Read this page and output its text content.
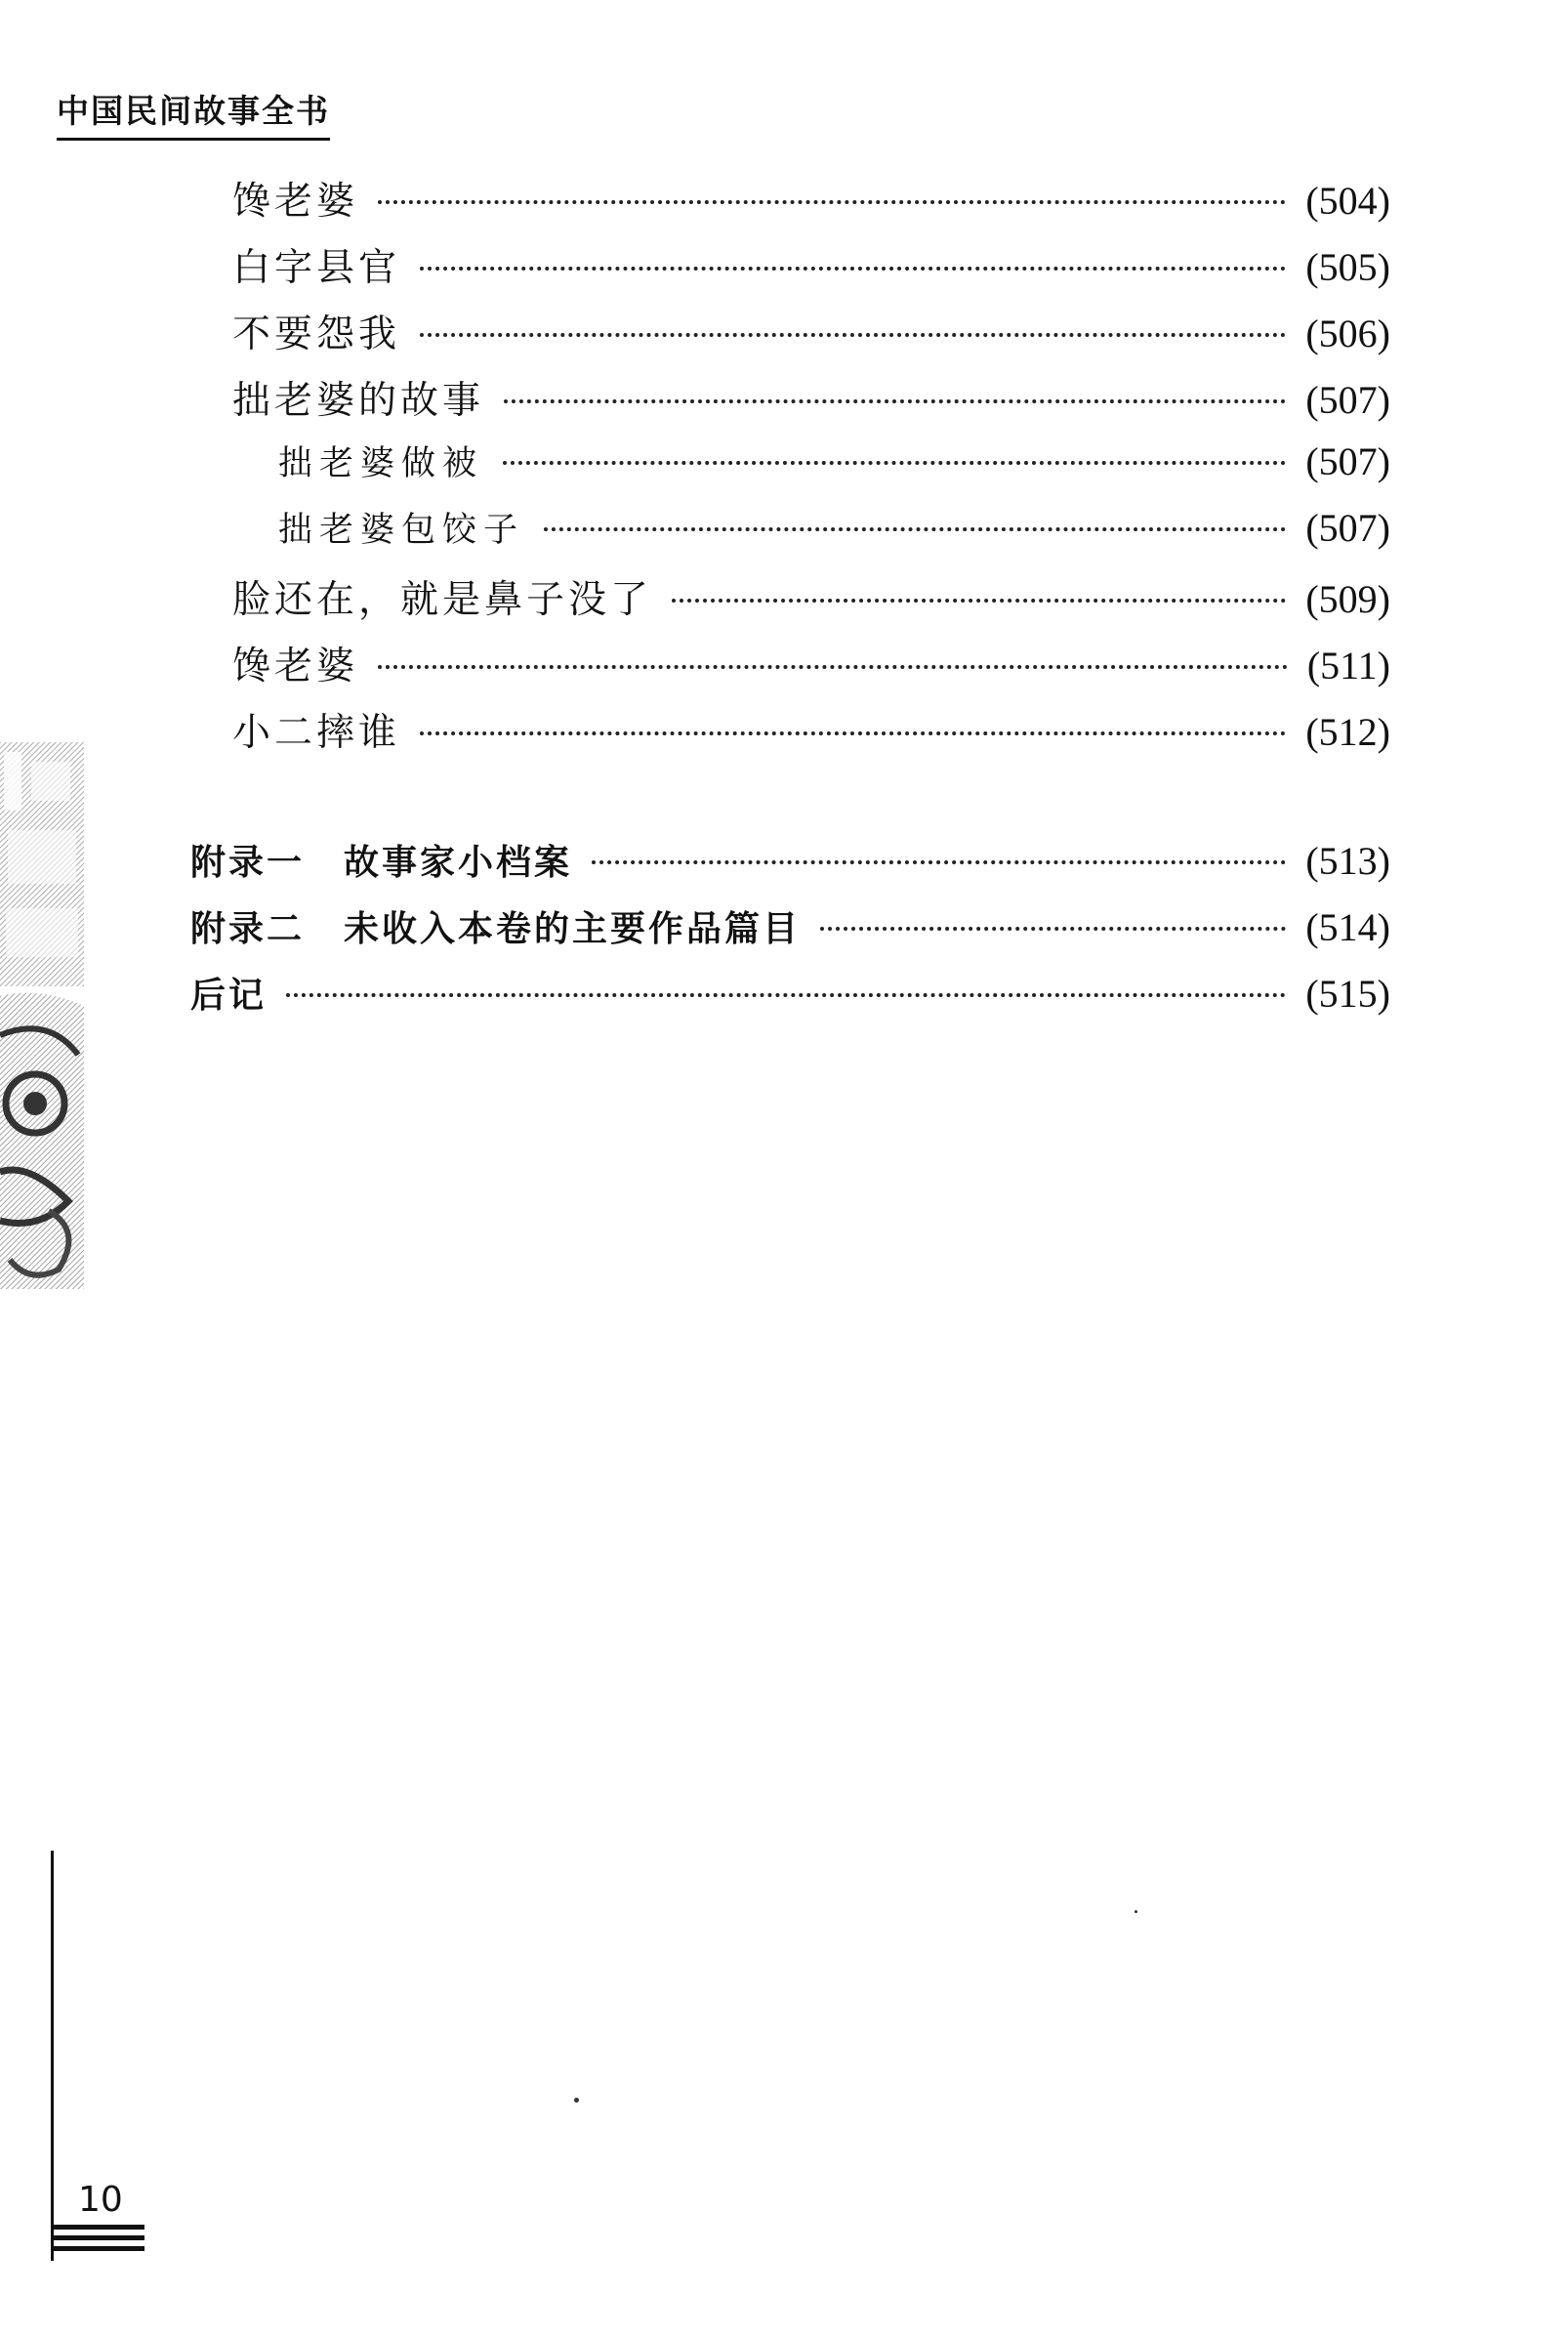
中国民间故事全书
馋老婆	(504)
白字县官	(505)
不要怨我	(506)
拙老婆的故事	(507)
拙老婆做被	(507)
拙老婆包饺子	(507)
脸还在，就是鼻子没了	(509)
馋老婆	(511)
小二摔谁	(512)
附录一 故事家小档案	(513)
附录二 未收入本卷的主要作品篇目	(514)
后记	(515)
10
